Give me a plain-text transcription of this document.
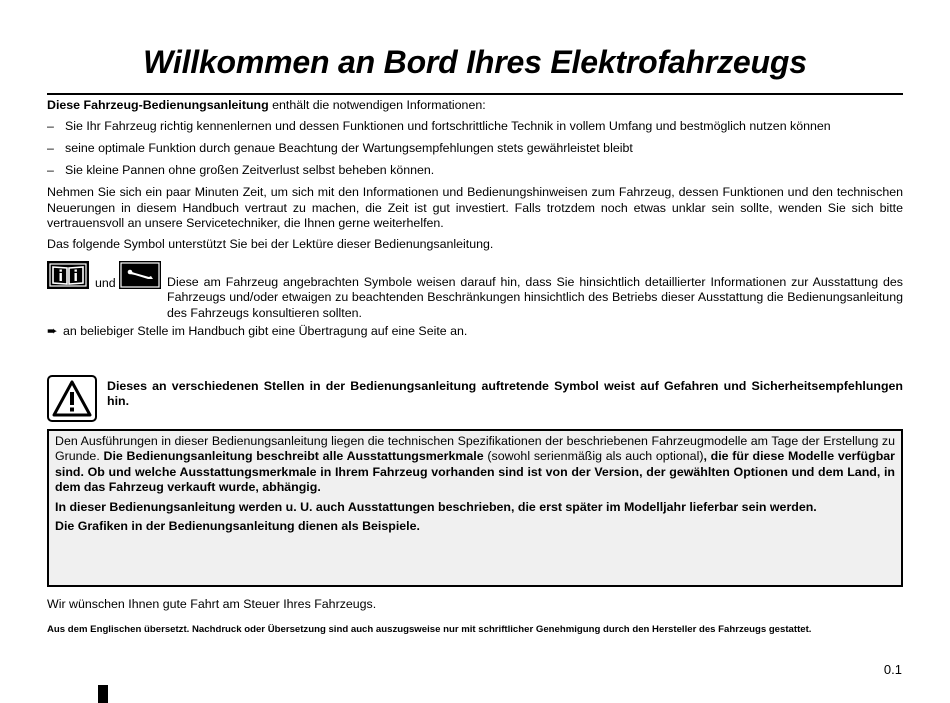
Willkommen an Bord Ihres Elektrofahrzeugs
Diese Fahrzeug-Bedienungsanleitung enthält die notwendigen Informationen:
– Sie Ihr Fahrzeug richtig kennenlernen und dessen Funktionen und fortschrittliche Technik in vollem Umfang und bestmöglich nutzen können
– seine optimale Funktion durch genaue Beachtung der Wartungsempfehlungen stets gewährleistet bleibt
– Sie kleine Pannen ohne großen Zeitverlust selbst beheben können.
Nehmen Sie sich ein paar Minuten Zeit, um sich mit den Informationen und Bedienungshinweisen zum Fahrzeug, dessen Funktionen und den technischen Neuerungen in diesem Handbuch vertraut zu machen, die Zeit ist gut investiert. Falls trotzdem noch etwas unklar sein sollte, wenden Sie sich bitte vertrauensvoll an unsere Servicetechniker, die Ihnen gerne weiterhelfen.
Das folgende Symbol unterstützt Sie bei der Lektüre dieser Bedienungsanleitung.
und	Diese am Fahrzeug angebrachten Symbole weisen darauf hin, dass Sie hinsichtlich detaillierter Informationen zur Ausstattung des Fahrzeugs und/oder etwaigen zu beachtenden Beschränkungen hinsichtlich des Betriebs dieser Ausstattung die Bedienungsanleitung des Fahrzeugs konsultieren sollten.
➨ an beliebiger Stelle im Handbuch gibt eine Übertragung auf eine Seite an.
Dieses an verschiedenen Stellen in der Bedienungsanleitung auftretende Symbol weist auf Gefahren und Sicherheitsempfehlungen hin.

Den Ausführungen in dieser Bedienungsanleitung liegen die technischen Spezifikationen der beschriebenen Fahrzeugmodelle am Tage der Erstellung zu Grunde. Die Bedienungsanleitung beschreibt alle Ausstattungsmerkmale (sowohl serienmäßig als auch optional), die für diese Modelle verfügbar sind. Ob und welche Ausstattungsmerkmale in Ihrem Fahrzeug vorhanden sind ist von der Version, der gewählten Optionen und dem Land, in dem das Fahrzeug verkauft wurde, abhängig.

In dieser Bedienungsanleitung werden u. U. auch Ausstattungen beschrieben, die erst später im Modelljahr lieferbar sein werden.

Die Grafiken in der Bedienungsanleitung dienen als Beispiele.

Wir wünschen Ihnen gute Fahrt am Steuer Ihres Fahrzeugs.
Aus dem Englischen übersetzt. Nachdruck oder Übersetzung sind auch auszugsweise nur mit schriftlicher Genehmigung durch den Hersteller des Fahrzeugs gestattet.
0.1
